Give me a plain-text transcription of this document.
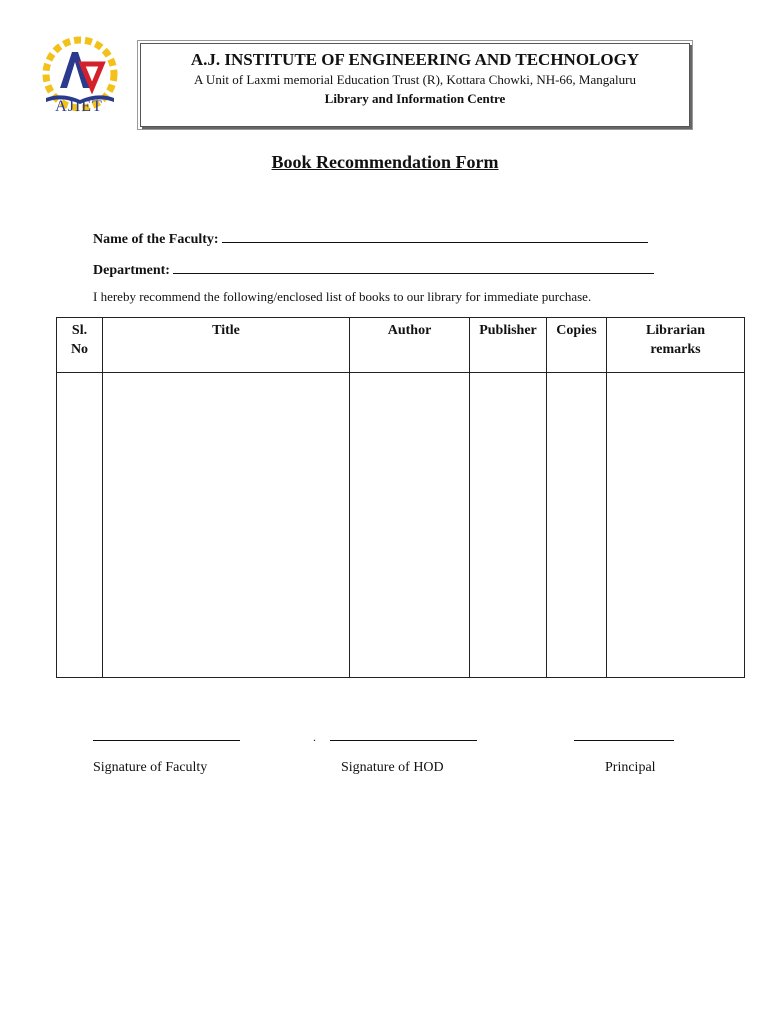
AJIET
A.J. INSTITUTE OF ENGINEERING AND TECHNOLOGY
A Unit of Laxmi memorial Education Trust (R), Kottara Chowki, NH-66, Mangaluru
Library and Information Centre
Book Recommendation Form
Name of the Faculty:
Department:
I hereby recommend the following/enclosed list of books to our library for immediate purchase.
Sl.
No	Title	Author	Publisher	Copies	Librarian
remarks

.
Signature of Faculty	Signature of HOD	Principal
